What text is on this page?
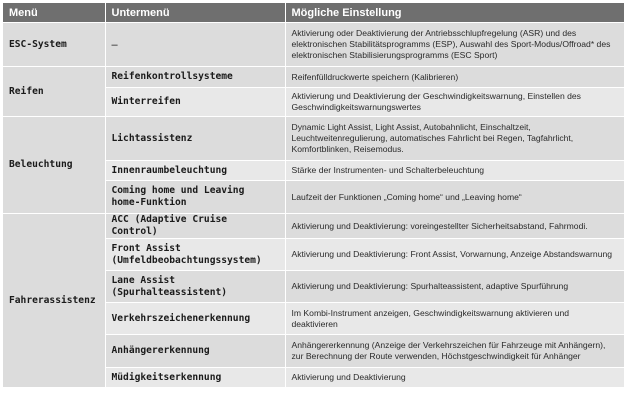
Menü	Untermenü	Mögliche Einstellung
ESC-System	–	Aktivierung oder Deaktivierung der Antriebsschlupfregelung (ASR) und des elektronischen Stabilitätsprogramms (ESP), Auswahl des Sport-Modus/Offroad* des elektronischen Stabilisierungsprogramms (ESC Sport)
Reifen	Reifenkontrollsysteme	Reifenfülldruckwerte speichern (Kalibrieren)
	Winterreifen	Aktivierung und Deaktivierung der Geschwindigkeitswarnung, Einstellen des Geschwindigkeitswarnungswertes
Beleuchtung	Lichtassistenz	Dynamic Light Assist, Light Assist, Autobahnlicht, Einschaltzeit, Leuchtweitenregulierung, automatisches Fahrlicht bei Regen, Tagfahrlicht, Komfortblinken, Reisemodus.
	Innenraumbeleuchtung	Stärke der Instrumenten- und Schalterbeleuchtung
	Coming home und Leaving home-Funktion	Laufzeit der Funktionen „Coming home“ und „Leaving home“
Fahrerassistenz	ACC (Adaptive Cruise Control)	Aktivierung und Deaktivierung: voreingestellter Sicherheitsabstand, Fahrmodi.
	Front Assist (Umfeldbeobachtungssystem)	Aktivierung und Deaktivierung: Front Assist, Vorwarnung, Anzeige Abstandswarnung
	Lane Assist (Spurhalteassistent)	Aktivierung und Deaktivierung: Spurhalteassistent, adaptive Spurführung
	Verkehrszeichenerkennung	Im Kombi-Instrument anzeigen, Geschwindigkeitswarnung aktivieren und deaktivieren
	Anhängererkennung	Anhängererkennung (Anzeige der Verkehrszeichen für Fahrzeuge mit Anhängern), zur Berechnung der Route verwenden, Höchstgeschwindigkeit für Anhänger
	Müdigkeitserkennung	Aktivierung und Deaktivierung
